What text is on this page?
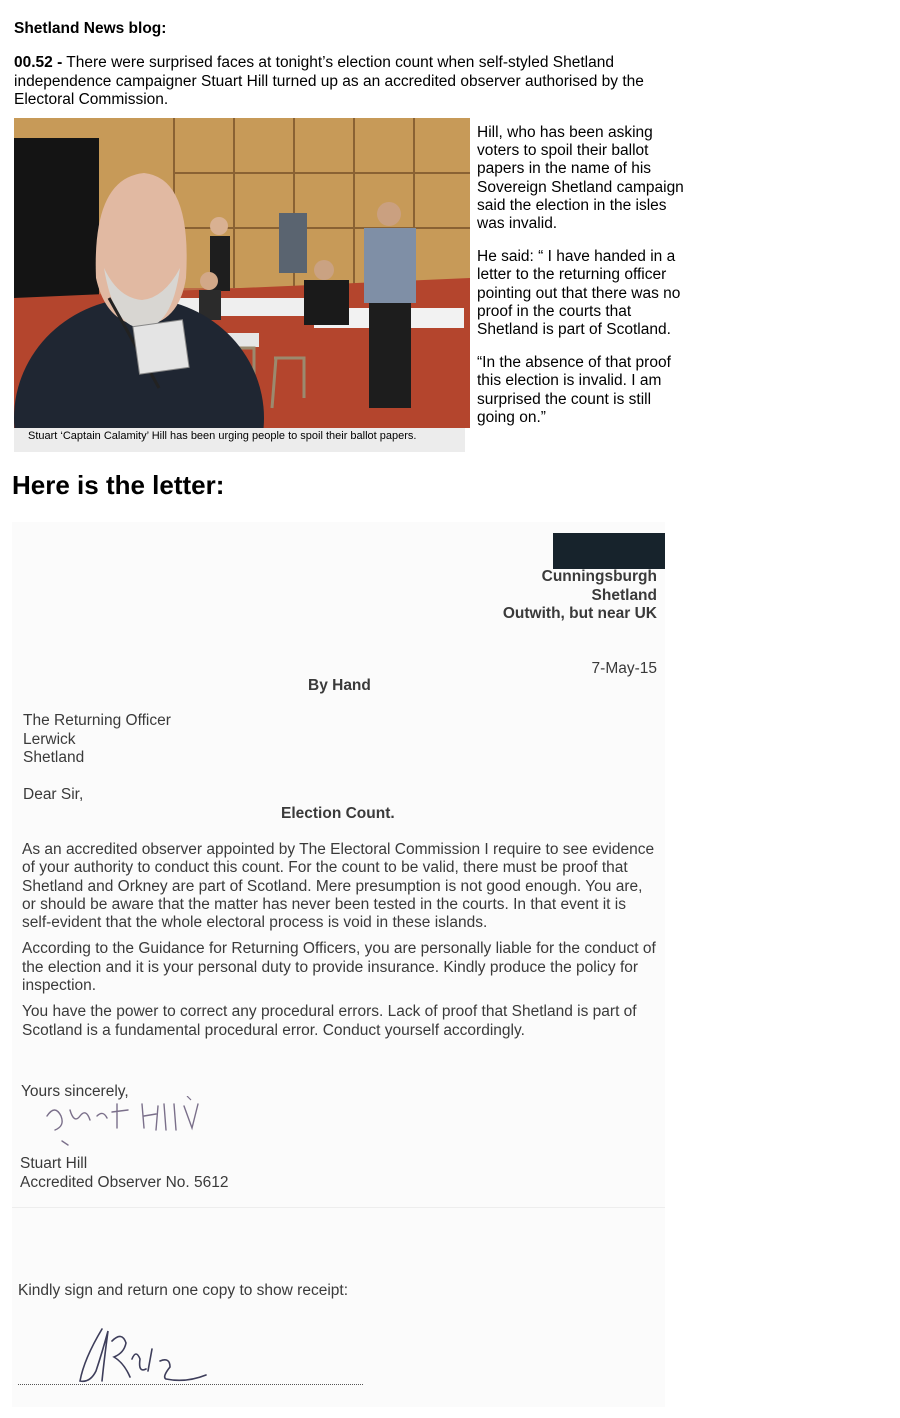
Shetland News blog:

00.52 - There were surprised faces at tonight’s election count when self-styled Shetland independence campaigner Stuart Hill turned up as an accredited observer authorised by the Electoral Commission.

Stuart ‘Captain Calamity’ Hill has been urging people to spoil their ballot papers.

Hill, who has been asking voters to spoil their ballot papers in the name of his Sovereign Shetland campaign said the election in the isles was invalid.

He said: “ I have handed in a letter to the returning officer pointing out that there was no proof in the courts that Shetland is part of Scotland.

“In the absence of that proof this election is invalid. I am surprised the count is still going on.”

Here is the letter:
Cunningsburgh
Shetland
Outwith, but near UK
7-May-15
By Hand
The Returning Officer
Lerwick
Shetland
Dear Sir,
Election Count.

As an accredited observer appointed by The Electoral Commission I require to see evidence of your authority to conduct this count. For the count to be valid, there must be proof that Shetland and Orkney are part of Scotland. Mere presumption is not good enough. You are, or should be aware that the matter has never been tested in the courts. In that event it is self-evident that the whole electoral process is void in these islands.

According to the Guidance for Returning Officers, you are personally liable for the conduct of the election and it is your personal duty to provide insurance. Kindly produce the policy for inspection.

You have the power to correct any procedural errors. Lack of proof that Shetland is part of Scotland is a fundamental procedural error. Conduct yourself accordingly.

Yours sincerely,
Stuart Hill
Accredited Observer No. 5612
Kindly sign and return one copy to show receipt:
